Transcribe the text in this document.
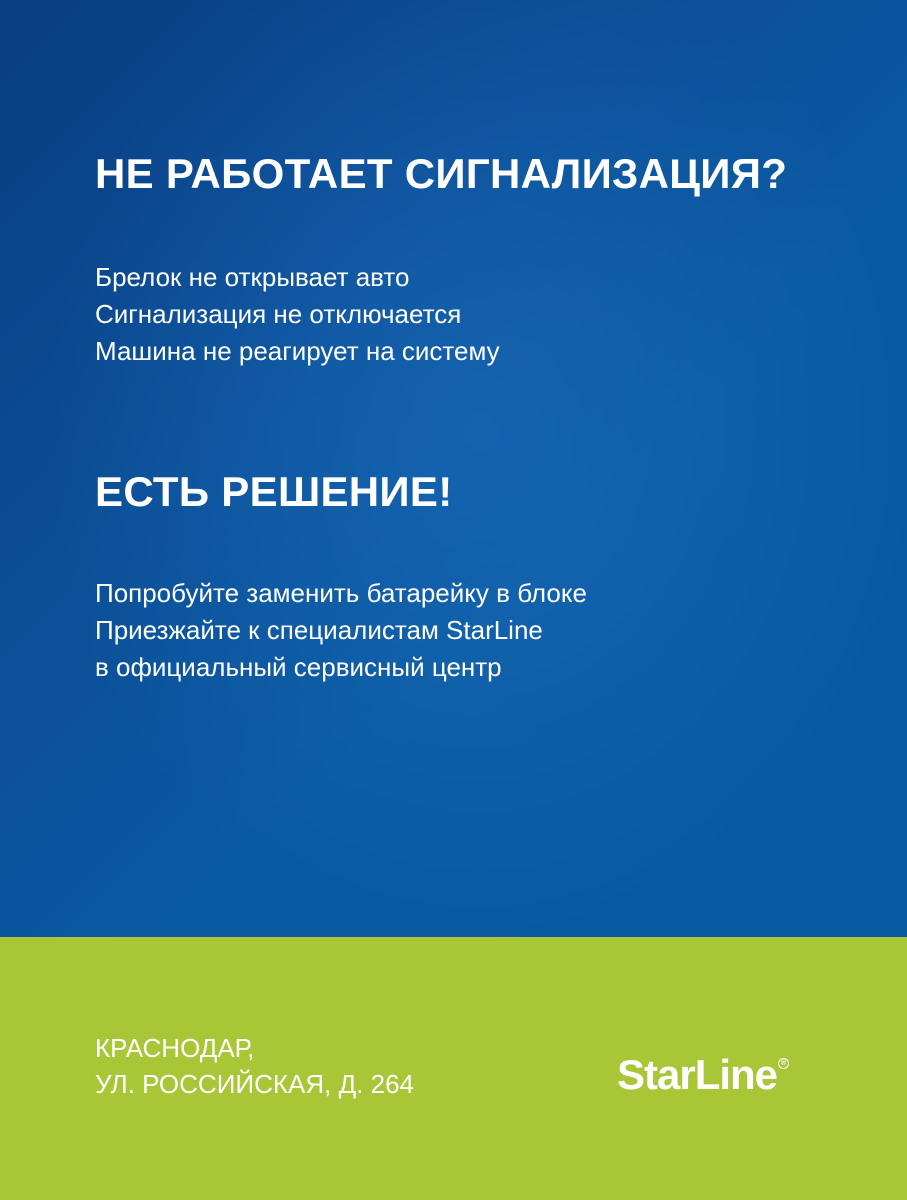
НЕ РАБОТАЕТ СИГНАЛИЗАЦИЯ?
Брелок не открывает авто
Сигнализация не отключается
Машина не реагирует на систему
ЕСТЬ РЕШЕНИЕ!
Попробуйте заменить батарейку в блоке
Приезжайте к специалистам StarLine
в официальный сервисный центр
КРАСНОДАР,
УЛ. РОССИЙСКАЯ, Д. 264	StarLine ®
